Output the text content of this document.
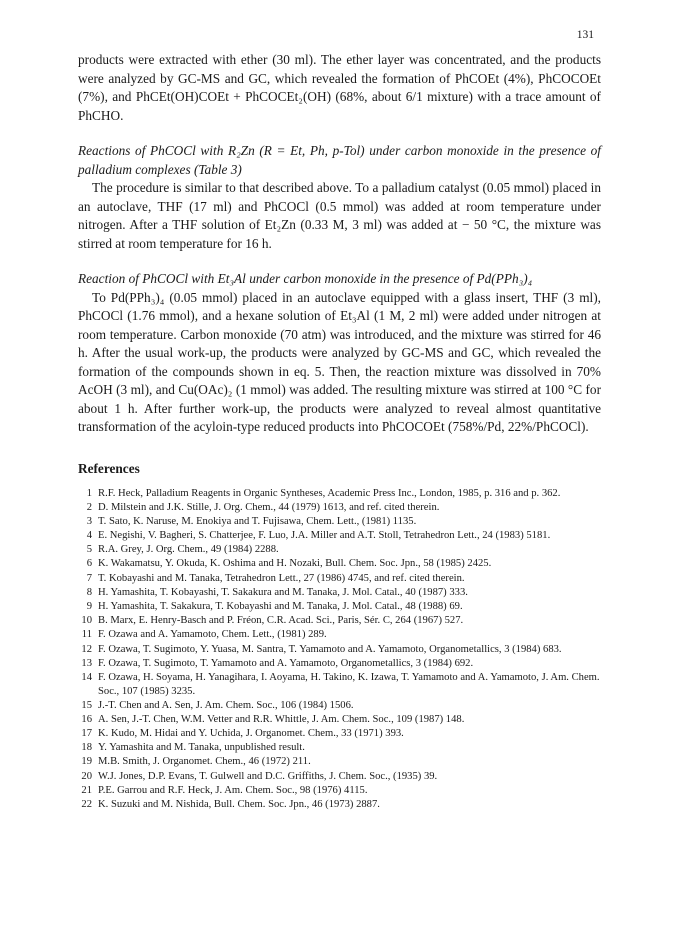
131

products were extracted with ether (30 ml). The ether layer was concentrated, and the products were analyzed by GC-MS and GC, which revealed the formation of PhCOEt (4%), PhCOCOEt (7%), and PhCEt(OH)COEt + PhCOCEt₂(OH) (68%, about 6/1 mixture) with a trace amount of PhCHO.

Reactions of PhCOCl with R₂Zn (R = Et, Ph, p-Tol) under carbon monoxide in the presence of palladium complexes (Table 3)

The procedure is similar to that described above. To a palladium catalyst (0.05 mmol) placed in an autoclave, THF (17 ml) and PhCOCl (0.5 mmol) was added at room temperature under nitrogen. After a THF solution of Et₂Zn (0.33 M, 3 ml) was added at − 50 °C, the mixture was stirred at room temperature for 16 h.

Reaction of PhCOCl with Et₃Al under carbon monoxide in the presence of Pd(PPh₃)₄

To Pd(PPh₃)₄ (0.05 mmol) placed in an autoclave equipped with a glass insert, THF (3 ml), PhCOCl (1.76 mmol), and a hexane solution of Et₃Al (1 M, 2 ml) were added under nitrogen at room temperature. Carbon monoxide (70 atm) was introduced, and the mixture was stirred for 46 h. After the usual work-up, the products were analyzed by GC-MS and GC, which revealed the formation of the compounds shown in eq. 5. Then, the reaction mixture was dissolved in 70% AcOH (3 ml), and Cu(OAc)₂ (1 mmol) was added. The resulting mixture was stirred at 100 °C for about 1 h. After further work-up, the products were analyzed to reveal almost quantitative transformation of the acyloin-type reduced products into PhCOCOEt (758%/Pd, 22%/PhCOCl).

References
1 R.F. Heck, Palladium Reagents in Organic Syntheses, Academic Press Inc., London, 1985, p. 316 and p. 362.
2 D. Milstein and J.K. Stille, J. Org. Chem., 44 (1979) 1613, and ref. cited therein.
3 T. Sato, K. Naruse, M. Enokiya and T. Fujisawa, Chem. Lett., (1981) 1135.
4 E. Negishi, V. Bagheri, S. Chatterjee, F. Luo, J.A. Miller and A.T. Stoll, Tetrahedron Lett., 24 (1983) 5181.
5 R.A. Grey, J. Org. Chem., 49 (1984) 2288.
6 K. Wakamatsu, Y. Okuda, K. Oshima and H. Nozaki, Bull. Chem. Soc. Jpn., 58 (1985) 2425.
7 T. Kobayashi and M. Tanaka, Tetrahedron Lett., 27 (1986) 4745, and ref. cited therein.
8 H. Yamashita, T. Kobayashi, T. Sakakura and M. Tanaka, J. Mol. Catal., 40 (1987) 333.
9 H. Yamashita, T. Sakakura, T. Kobayashi and M. Tanaka, J. Mol. Catal., 48 (1988) 69.
10 B. Marx, E. Henry-Basch and P. Fréon, C.R. Acad. Sci., Paris, Sér. C, 264 (1967) 527.
11 F. Ozawa and A. Yamamoto, Chem. Lett., (1981) 289.
12 F. Ozawa, T. Sugimoto, Y. Yuasa, M. Santra, T. Yamamoto and A. Yamamoto, Organometallics, 3 (1984) 683.
13 F. Ozawa, T. Sugimoto, T. Yamamoto and A. Yamamoto, Organometallics, 3 (1984) 692.
14 F. Ozawa, H. Soyama, H. Yanagihara, I. Aoyama, H. Takino, K. Izawa, T. Yamamoto and A. Yamamoto, J. Am. Chem. Soc., 107 (1985) 3235.
15 J.-T. Chen and A. Sen, J. Am. Chem. Soc., 106 (1984) 1506.
16 A. Sen, J.-T. Chen, W.M. Vetter and R.R. Whittle, J. Am. Chem. Soc., 109 (1987) 148.
17 K. Kudo, M. Hidai and Y. Uchida, J. Organomet. Chem., 33 (1971) 393.
18 Y. Yamashita and M. Tanaka, unpublished result.
19 M.B. Smith, J. Organomet. Chem., 46 (1972) 211.
20 W.J. Jones, D.P. Evans, T. Gulwell and D.C. Griffiths, J. Chem. Soc., (1935) 39.
21 P.E. Garrou and R.F. Heck, J. Am. Chem. Soc., 98 (1976) 4115.
22 K. Suzuki and M. Nishida, Bull. Chem. Soc. Jpn., 46 (1973) 2887.
